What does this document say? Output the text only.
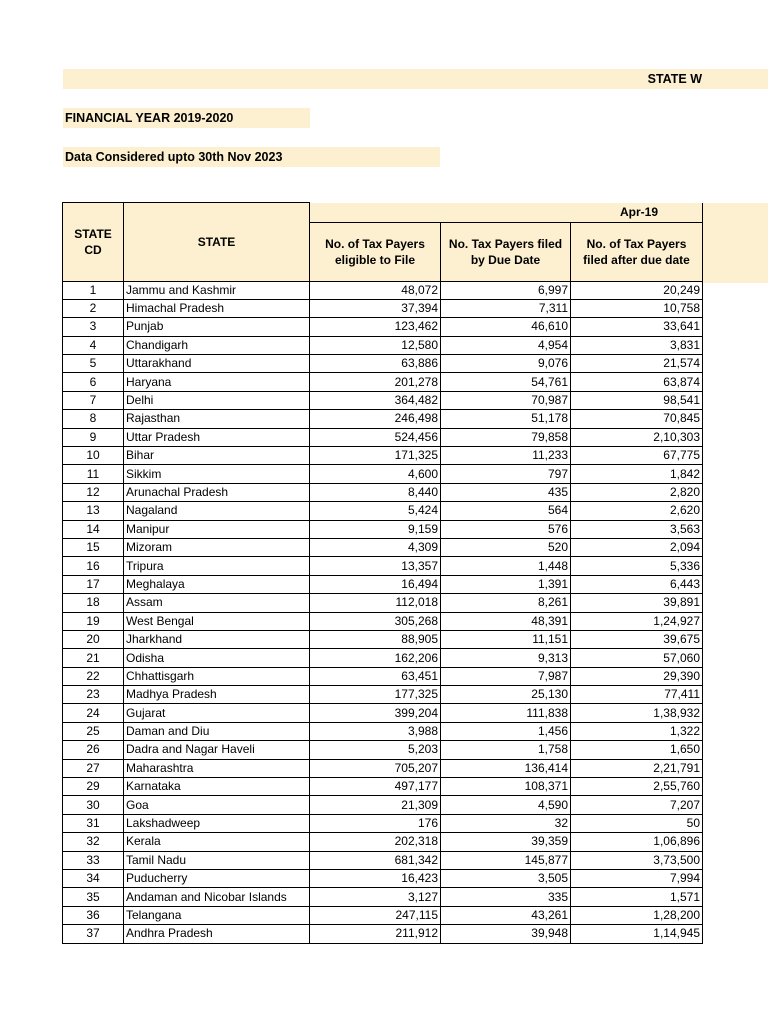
STATE W
FINANCIAL YEAR 2019-2020
Data Considered upto 30th Nov 2023
STATE CD	STATE	Apr-19		
		No. of Tax Payers eligible to File	No. Tax Payers filed by Due Date	No. of Tax Payers filed after due date
1	Jammu and Kashmir	48,072	6,997	20,249
2	Himachal Pradesh	37,394	7,311	10,758
3	Punjab	123,462	46,610	33,641
4	Chandigarh	12,580	4,954	3,831
5	Uttarakhand	63,886	9,076	21,574
6	Haryana	201,278	54,761	63,874
7	Delhi	364,482	70,987	98,541
8	Rajasthan	246,498	51,178	70,845
9	Uttar Pradesh	524,456	79,858	2,10,303
10	Bihar	171,325	11,233	67,775
11	Sikkim	4,600	797	1,842
12	Arunachal Pradesh	8,440	435	2,820
13	Nagaland	5,424	564	2,620
14	Manipur	9,159	576	3,563
15	Mizoram	4,309	520	2,094
16	Tripura	13,357	1,448	5,336
17	Meghalaya	16,494	1,391	6,443
18	Assam	112,018	8,261	39,891
19	West Bengal	305,268	48,391	1,24,927
20	Jharkhand	88,905	11,151	39,675
21	Odisha	162,206	9,313	57,060
22	Chhattisgarh	63,451	7,987	29,390
23	Madhya Pradesh	177,325	25,130	77,411
24	Gujarat	399,204	111,838	1,38,932
25	Daman and Diu	3,988	1,456	1,322
26	Dadra and Nagar Haveli	5,203	1,758	1,650
27	Maharashtra	705,207	136,414	2,21,791
29	Karnataka	497,177	108,371	2,55,760
30	Goa	21,309	4,590	7,207
31	Lakshadweep	176	32	50
32	Kerala	202,318	39,359	1,06,896
33	Tamil Nadu	681,342	145,877	3,73,500
34	Puducherry	16,423	3,505	7,994
35	Andaman and Nicobar Islands	3,127	335	1,571
36	Telangana	247,115	43,261	1,28,200
37	Andhra Pradesh	211,912	39,948	1,14,945
